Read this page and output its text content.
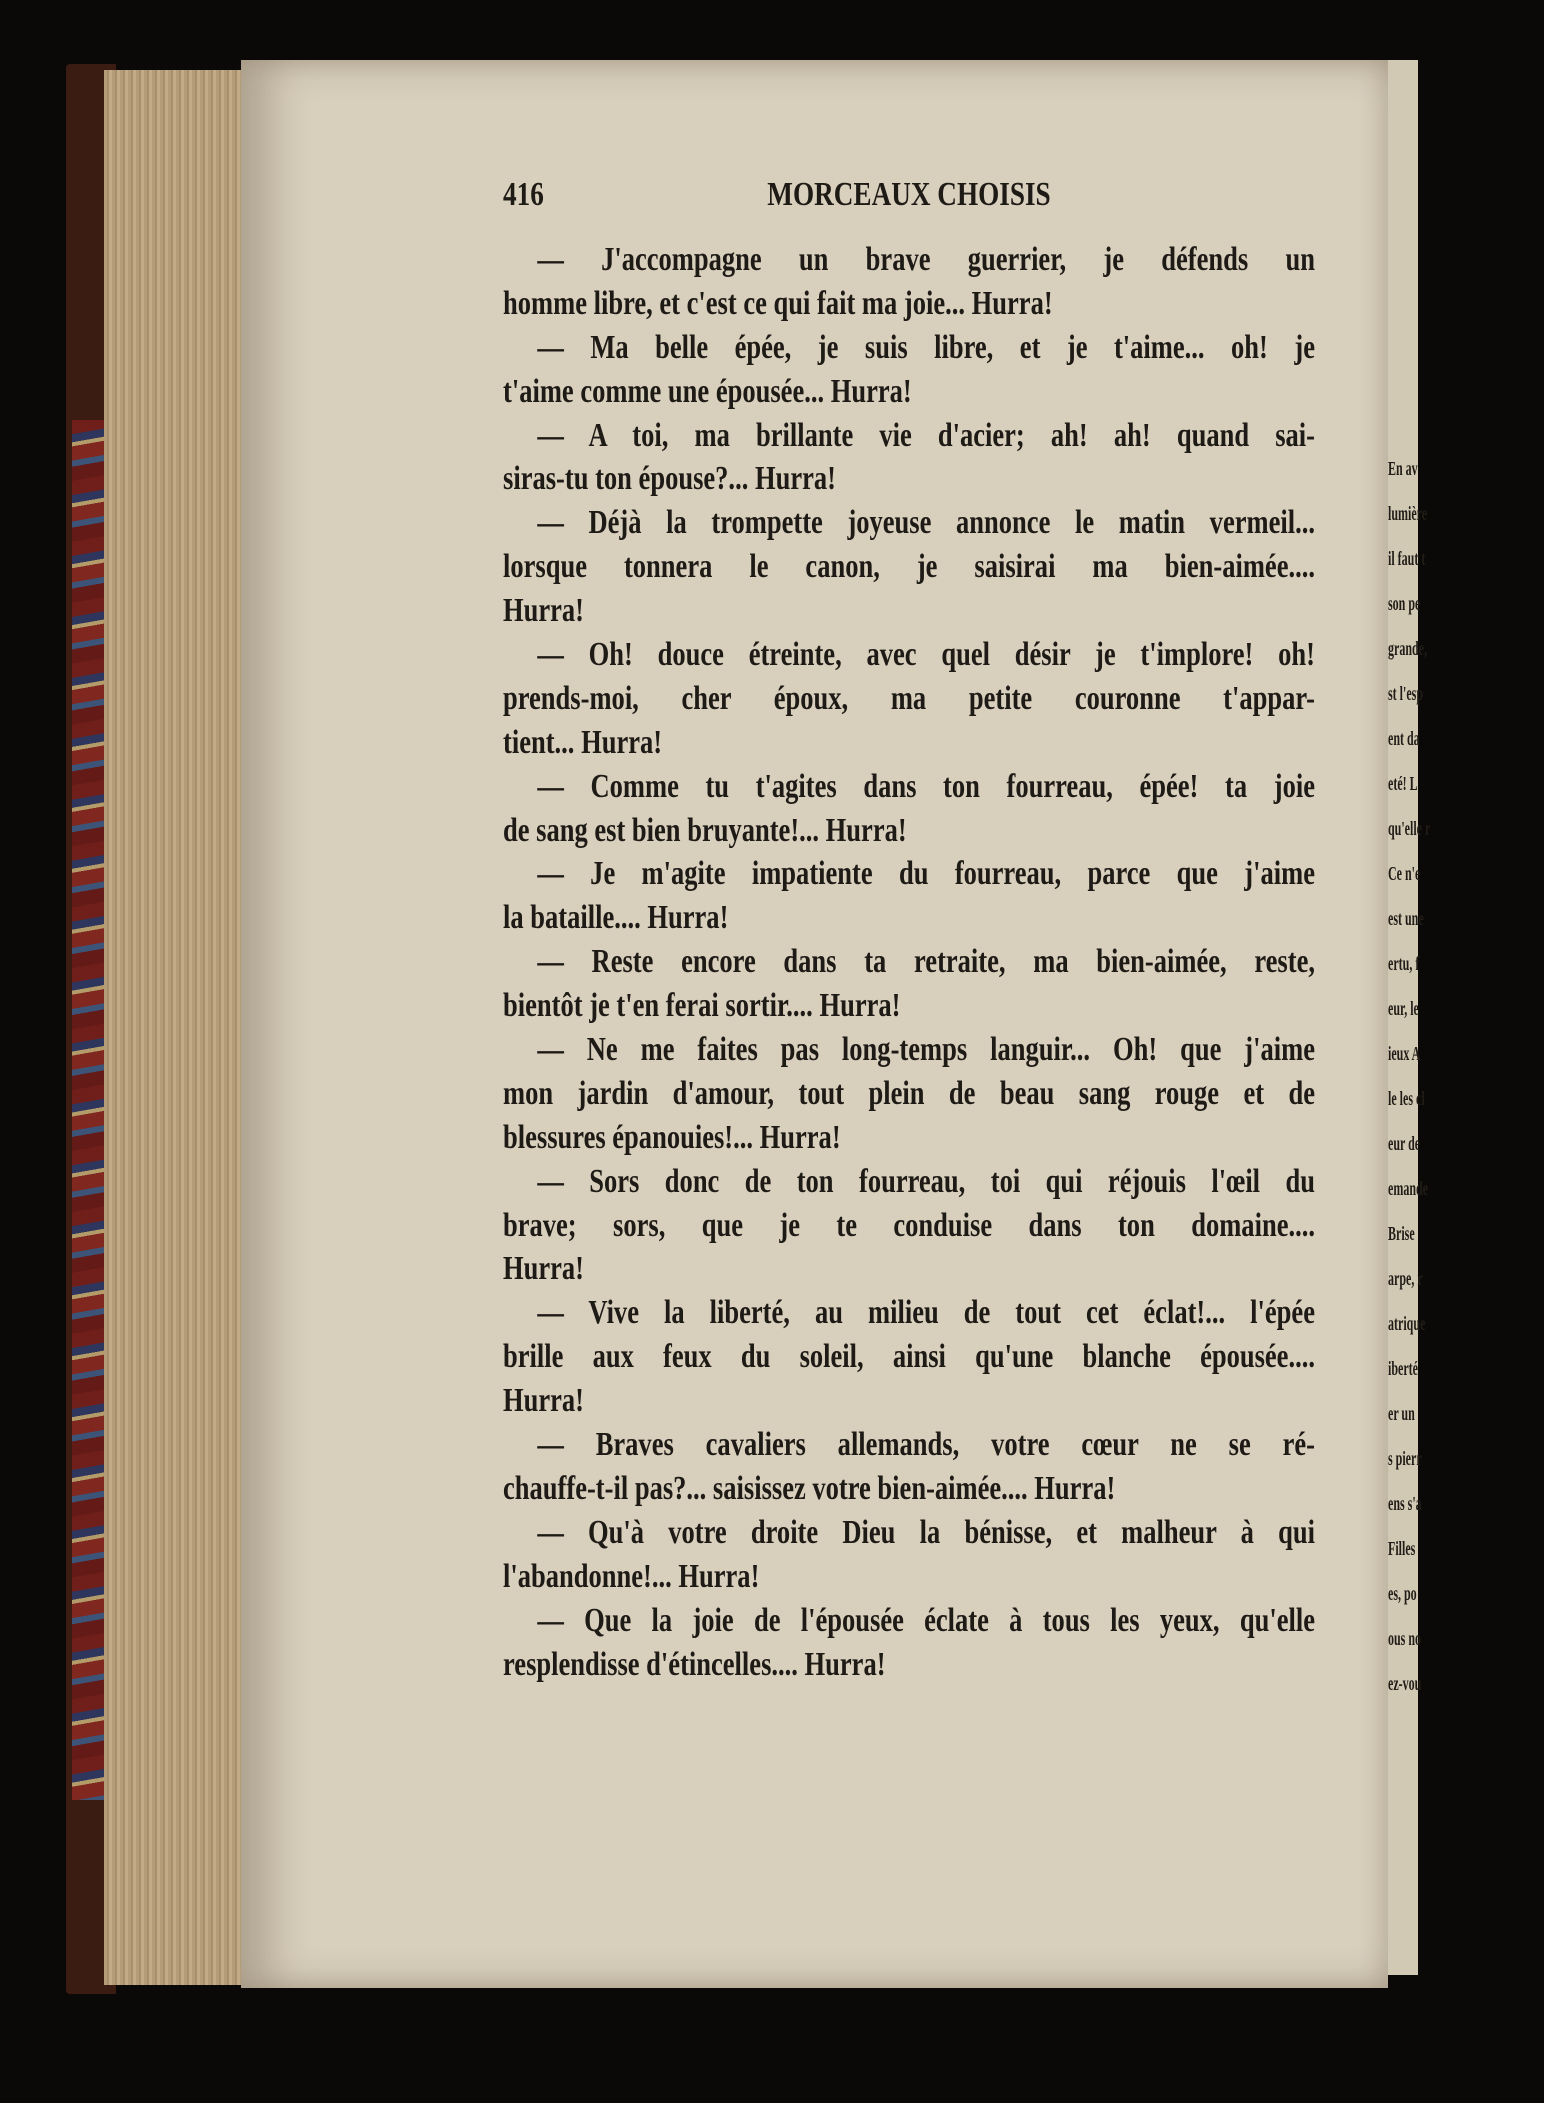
En av
lumière
il faut t
son pe
grande,
st l'esp
ent da
eté! L
qu'elle r
Ce n'e
est une
ertu, f
eur, le
ieux A
le les cl
eur de
emande
Brise
arpe, r
atrique
iberté
er un
s pierr
ens s'a
Filles
es, po
ous no
ez-vou
416	MORCEAUX CHOISIS
— J'accompagne un brave guerrier, je défends un
homme libre, et c'est ce qui fait ma joie... Hurra!
— Ma belle épée, je suis libre, et je t'aime... oh! je
t'aime comme une épousée... Hurra!
— A toi, ma brillante vie d'acier; ah! ah! quand sai-
siras-tu ton épouse?... Hurra!
— Déjà la trompette joyeuse annonce le matin vermeil...
lorsque tonnera le canon, je saisirai ma bien-aimée....
Hurra!
— Oh! douce étreinte, avec quel désir je t'implore! oh!
prends-moi, cher époux, ma petite couronne t'appar-
tient... Hurra!
— Comme tu t'agites dans ton fourreau, épée! ta joie
de sang est bien bruyante!... Hurra!
— Je m'agite impatiente du fourreau, parce que j'aime
la bataille.... Hurra!
— Reste encore dans ta retraite, ma bien-aimée, reste,
bientôt je t'en ferai sortir.... Hurra!
— Ne me faites pas long-temps languir... Oh! que j'aime
mon jardin d'amour, tout plein de beau sang rouge et de
blessures épanouies!... Hurra!
— Sors donc de ton fourreau, toi qui réjouis l'œil du
brave; sors, que je te conduise dans ton domaine....
Hurra!
— Vive la liberté, au milieu de tout cet éclat!... l'épée
brille aux feux du soleil, ainsi qu'une blanche épousée....
Hurra!
— Braves cavaliers allemands, votre cœur ne se ré-
chauffe-t-il pas?... saisissez votre bien-aimée.... Hurra!
— Qu'à votre droite Dieu la bénisse, et malheur à qui
l'abandonne!... Hurra!
— Que la joie de l'épousée éclate à tous les yeux, qu'elle
resplendisse d'étincelles.... Hurra!
